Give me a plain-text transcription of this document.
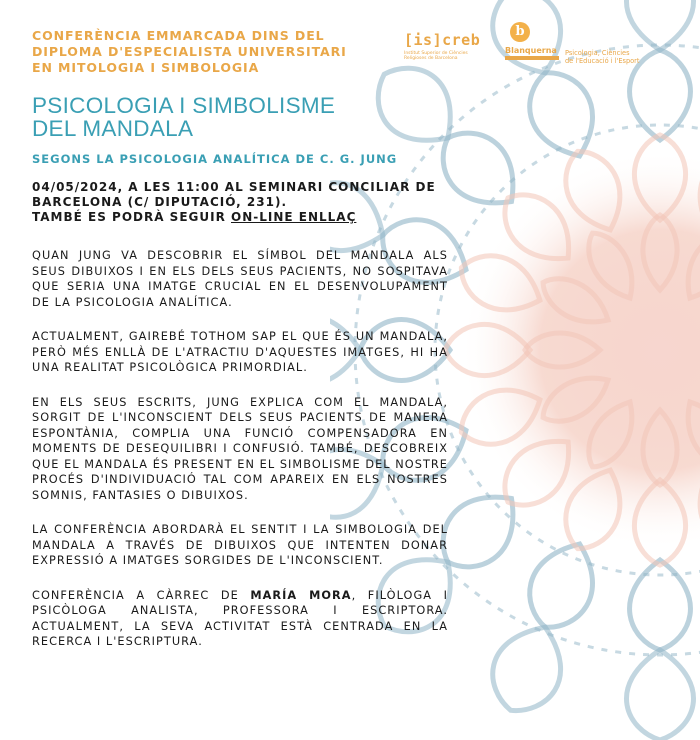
[is]creb
Institut Superior de Ciències
Religioses de Barcelona
b
Blanquerna Psicologia, Ciències
de l'Educació i l'Esport
CONFERÈNCIA EMMARCADA DINS DEL
DIPLOMA D'ESPECIALISTA UNIVERSITARI
EN MITOLOGIA I SIMBOLOGIA
PSICOLOGIA I SIMBOLISME
DEL MANDALA
SEGONS LA PSICOLOGIA ANALÍTICA DE C. G. JUNG
04/05/2024, A LES 11:00 AL SEMINARI CONCILIAR DE
BARCELONA (C/ DIPUTACIÓ, 231).
TAMBÉ ES PODRÀ SEGUIR ON-LINE ENLLAÇ
QUAN JUNG VA DESCOBRIR EL SÍMBOL DEL MANDALA ALS SEUS DIBUIXOS I EN ELS DELS SEUS PACIENTS, NO SOSPITAVA QUE SERIA UNA IMATGE CRUCIAL EN EL DESENVOLUPAMENT DE LA PSICOLOGIA ANALÍTICA.
ACTUALMENT, GAIREBÉ TOTHOM SAP EL QUE ÉS UN MANDALA, PERÒ MÉS ENLLÀ DE L'ATRACTIU D'AQUESTES IMATGES, HI HA UNA REALITAT PSICOLÒGICA PRIMORDIAL.
EN ELS SEUS ESCRITS, JUNG EXPLICA COM EL MANDALA, SORGIT DE L'INCONSCIENT DELS SEUS PACIENTS DE MANERA ESPONTÀNIA, COMPLIA UNA FUNCIÓ COMPENSADORA EN MOMENTS DE DESEQUILIBRI I CONFUSIÓ. TAMBÉ, DESCOBREIX QUE EL MANDALA ÉS PRESENT EN EL SIMBOLISME DEL NOSTRE PROCÉS D'INDIVIDUACIÓ TAL COM APAREIX EN ELS NOSTRES SOMNIS, FANTASIES O DIBUIXOS.
LA CONFERÈNCIA ABORDARÀ EL SENTIT I LA SIMBOLOGIA DEL MANDALA A TRAVÉS DE DIBUIXOS QUE INTENTEN DONAR EXPRESSIÓ A IMATGES SORGIDES DE L'INCONSCIENT.
CONFERÈNCIA A CÀRREC DE MARÍA MORA, FILÒLOGA I PSICÒLOGA ANALISTA, PROFESSORA I ESCRIPTORA. ACTUALMENT, LA SEVA ACTIVITAT ESTÀ CENTRADA EN LA RECERCA I L'ESCRIPTURA.
